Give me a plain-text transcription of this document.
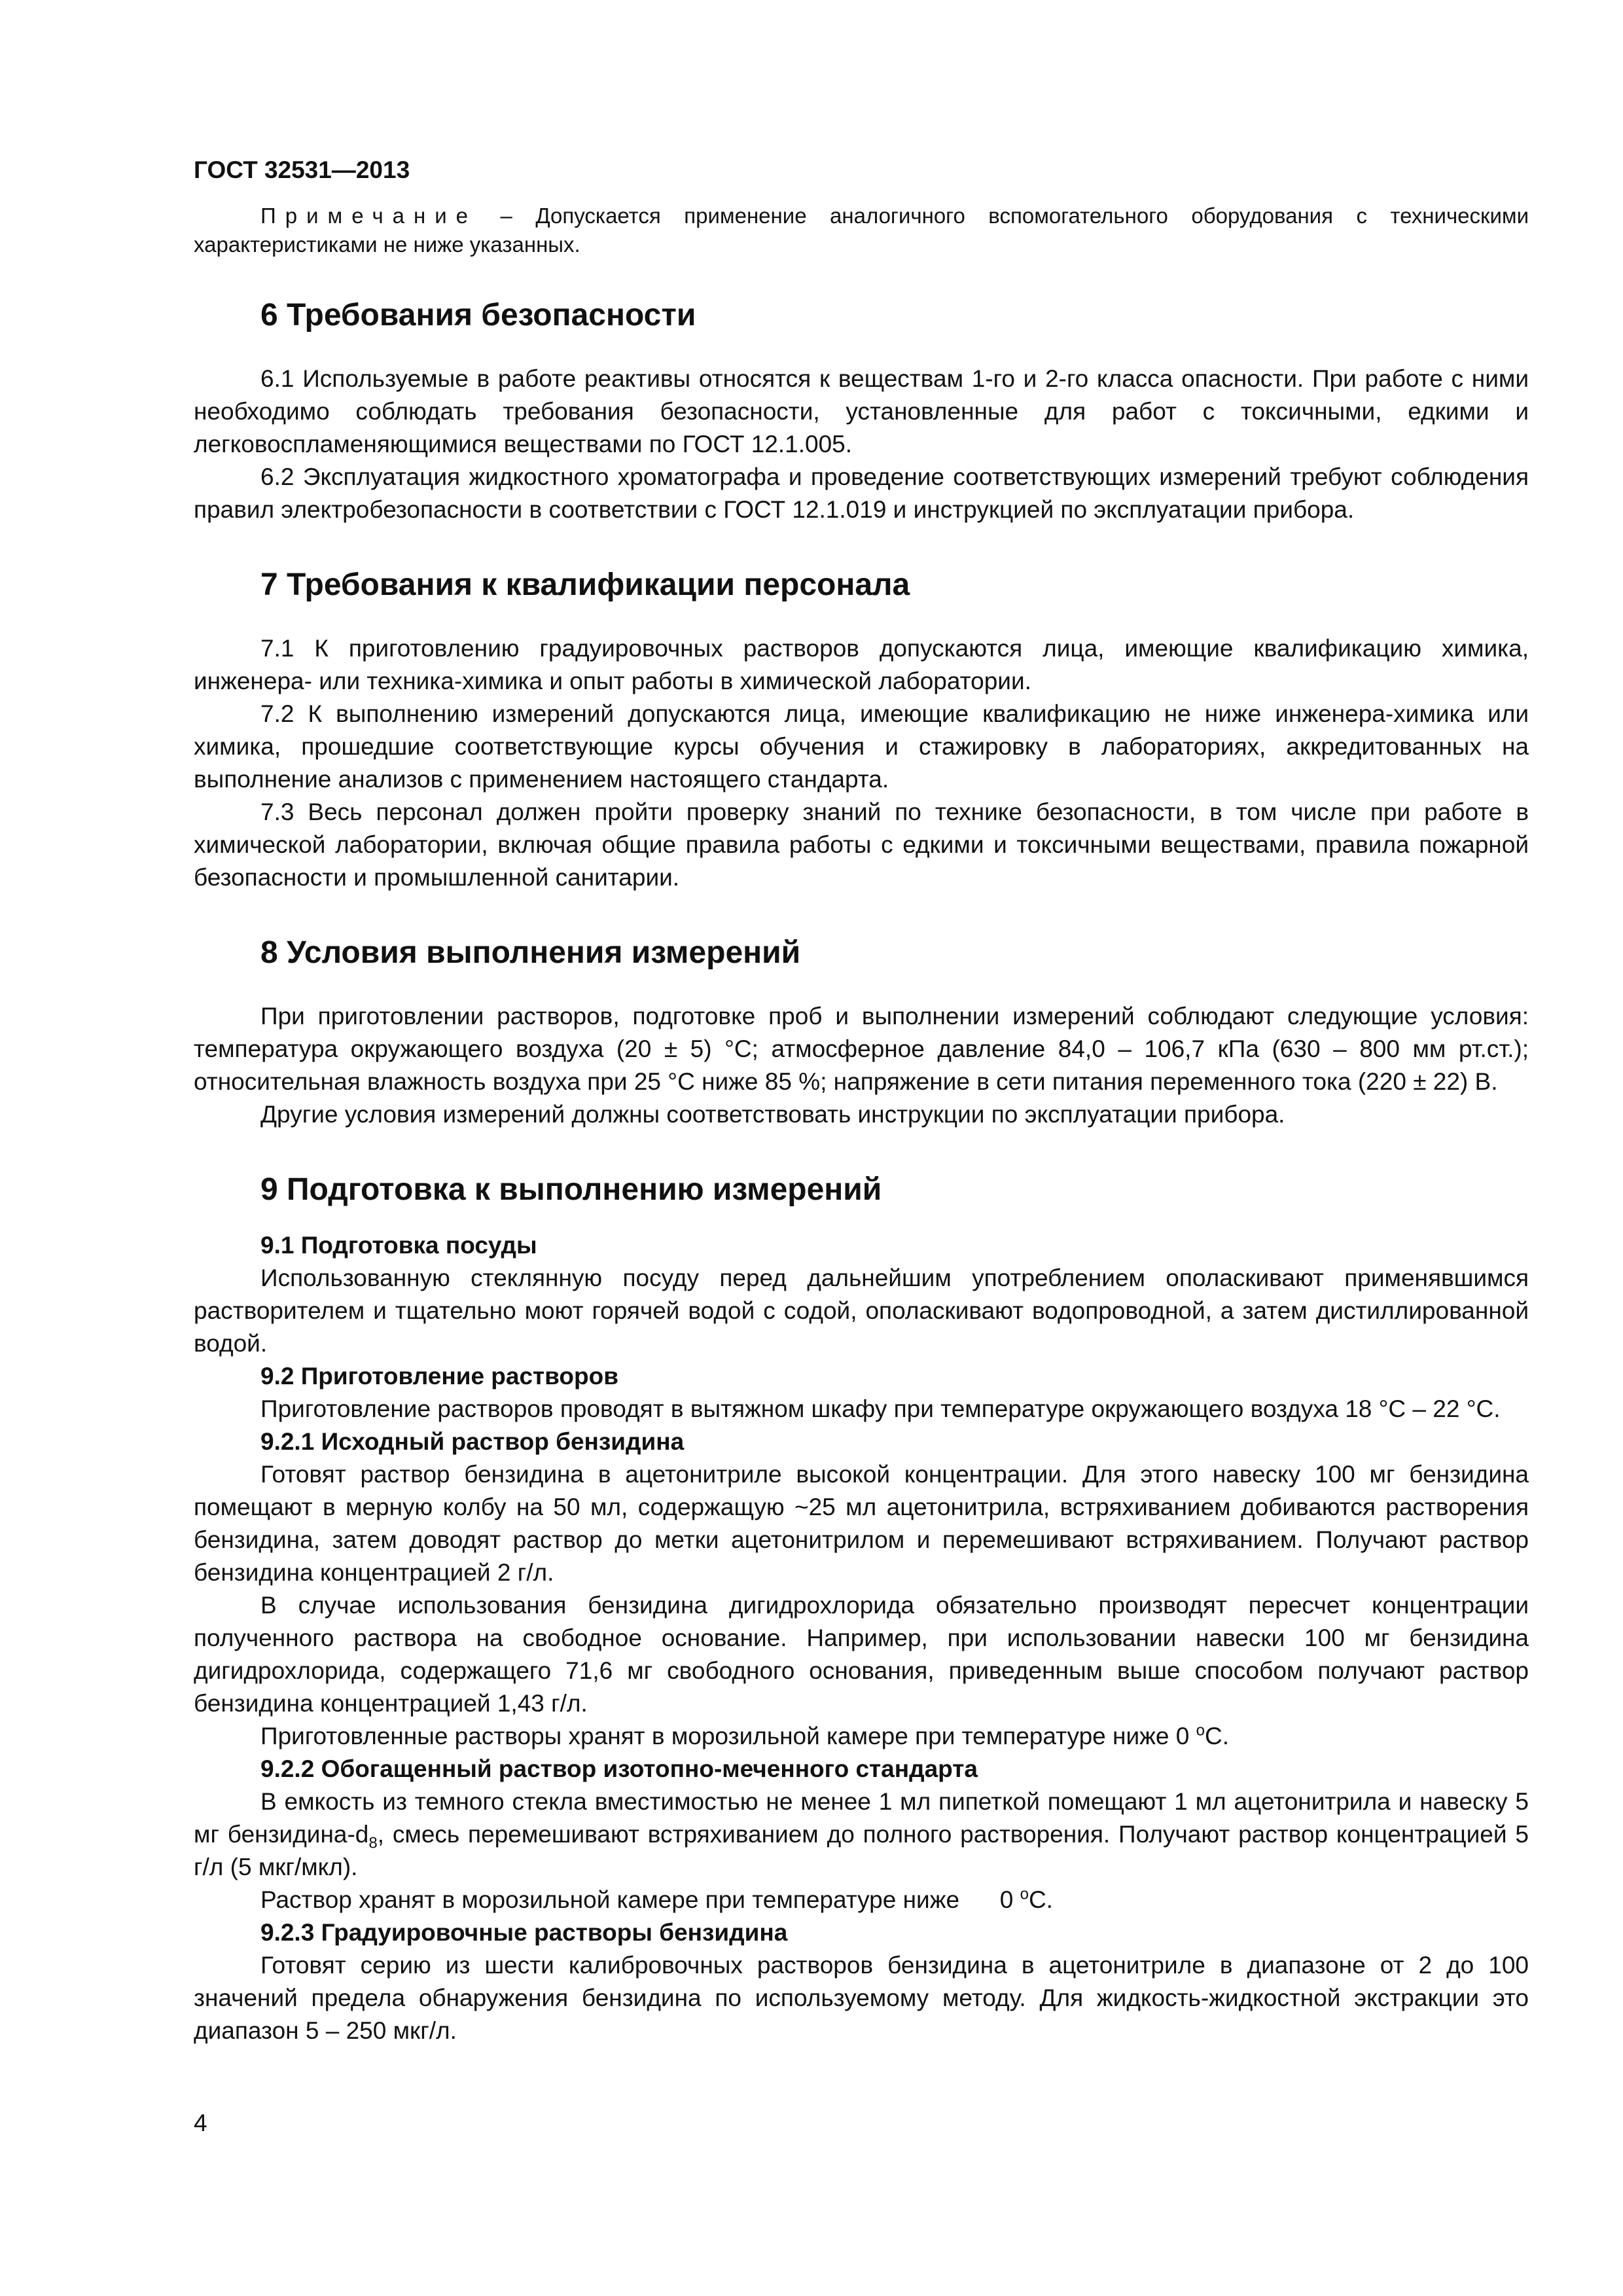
ГОСТ 32531—2013
Примечание – Допускается применение аналогичного вспомогательного оборудования с техническими характеристиками не ниже указанных.
6 Требования безопасности

6.1 Используемые в работе реактивы относятся к веществам 1-го и 2-го класса опасности. При работе с ними необходимо соблюдать требования безопасности, установленные для работ с токсичными, едкими и легковоспламеняющимися веществами по ГОСТ 12.1.005.

6.2 Эксплуатация жидкостного хроматографа и проведение соответствующих измерений требуют соблюдения правил электробезопасности в соответствии с ГОСТ 12.1.019 и инструкцией по эксплуатации прибора.

7 Требования к квалификации персонала

7.1 К приготовлению градуировочных растворов допускаются лица, имеющие квалификацию химика, инженера- или техника-химика и опыт работы в химической лаборатории.

7.2 К выполнению измерений допускаются лица, имеющие квалификацию не ниже инженера-химика или химика, прошедшие соответствующие курсы обучения и стажировку в лабораториях, аккредитованных на выполнение анализов с применением настоящего стандарта.

7.3 Весь персонал должен пройти проверку знаний по технике безопасности, в том числе при работе в химической лаборатории, включая общие правила работы с едкими и токсичными веществами, правила пожарной безопасности и промышленной санитарии.

8 Условия выполнения измерений

При приготовлении растворов, подготовке проб и выполнении измерений соблюдают следующие условия: температура окружающего воздуха (20 ± 5) °С; атмосферное давление 84,0 – 106,7 кПа (630 – 800 мм рт.ст.); относительная влажность воздуха при 25 °С ниже 85 %; напряжение в сети питания переменного тока (220 ± 22) В.

Другие условия измерений должны соответствовать инструкции по эксплуатации прибора.

9 Подготовка к выполнению измерений
9.1 Подготовка посуды

Использованную стеклянную посуду перед дальнейшим употреблением ополаскивают применявшимся растворителем и тщательно моют горячей водой с содой, ополаскивают водопроводной, а затем дистиллированной водой.

9.2 Приготовление растворов

Приготовление растворов проводят в вытяжном шкафу при температуре окружающего воздуха 18 °С – 22 °С.

9.2.1 Исходный раствор бензидина

Готовят раствор бензидина в ацетонитриле высокой концентрации. Для этого навеску 100 мг бензидина помещают в мерную колбу на 50 мл, содержащую ~25 мл ацетонитрила, встряхиванием добиваются растворения бензидина, затем доводят раствор до метки ацетонитрилом и перемешивают встряхиванием. Получают раствор бензидина концентрацией 2 г/л.

В случае использования бензидина дигидрохлорида обязательно производят пересчет концентрации полученного раствора на свободное основание. Например, при использовании навески 100 мг бензидина дигидрохлорида, содержащего 71,6 мг свободного основания, приведенным выше способом получают раствор бензидина концентрацией 1,43 г/л.

Приготовленные растворы хранят в морозильной камере при температуре ниже 0 $^о$С.

9.2.2 Обогащенный раствор изотопно-меченного стандарта

В емкость из темного стекла вместимостью не менее 1 мл пипеткой помещают 1 мл ацетонитрила и навеску 5 мг бензидина-$d_8$, смесь перемешивают встряхиванием до полного растворения. Получают раствор концентрацией 5 г/л (5 мкг/мкл).

Раствор хранят в морозильной камере при температуре ниже      0 $^о$С.

9.2.3 Градуировочные растворы бензидина

Готовят серию из шести калибровочных растворов бензидина в ацетонитриле в диапазоне от 2 до 100 значений предела обнаружения бензидина по используемому методу. Для жидкость-жидкостной экстракции это диапазон 5 – 250 мкг/л.

4
